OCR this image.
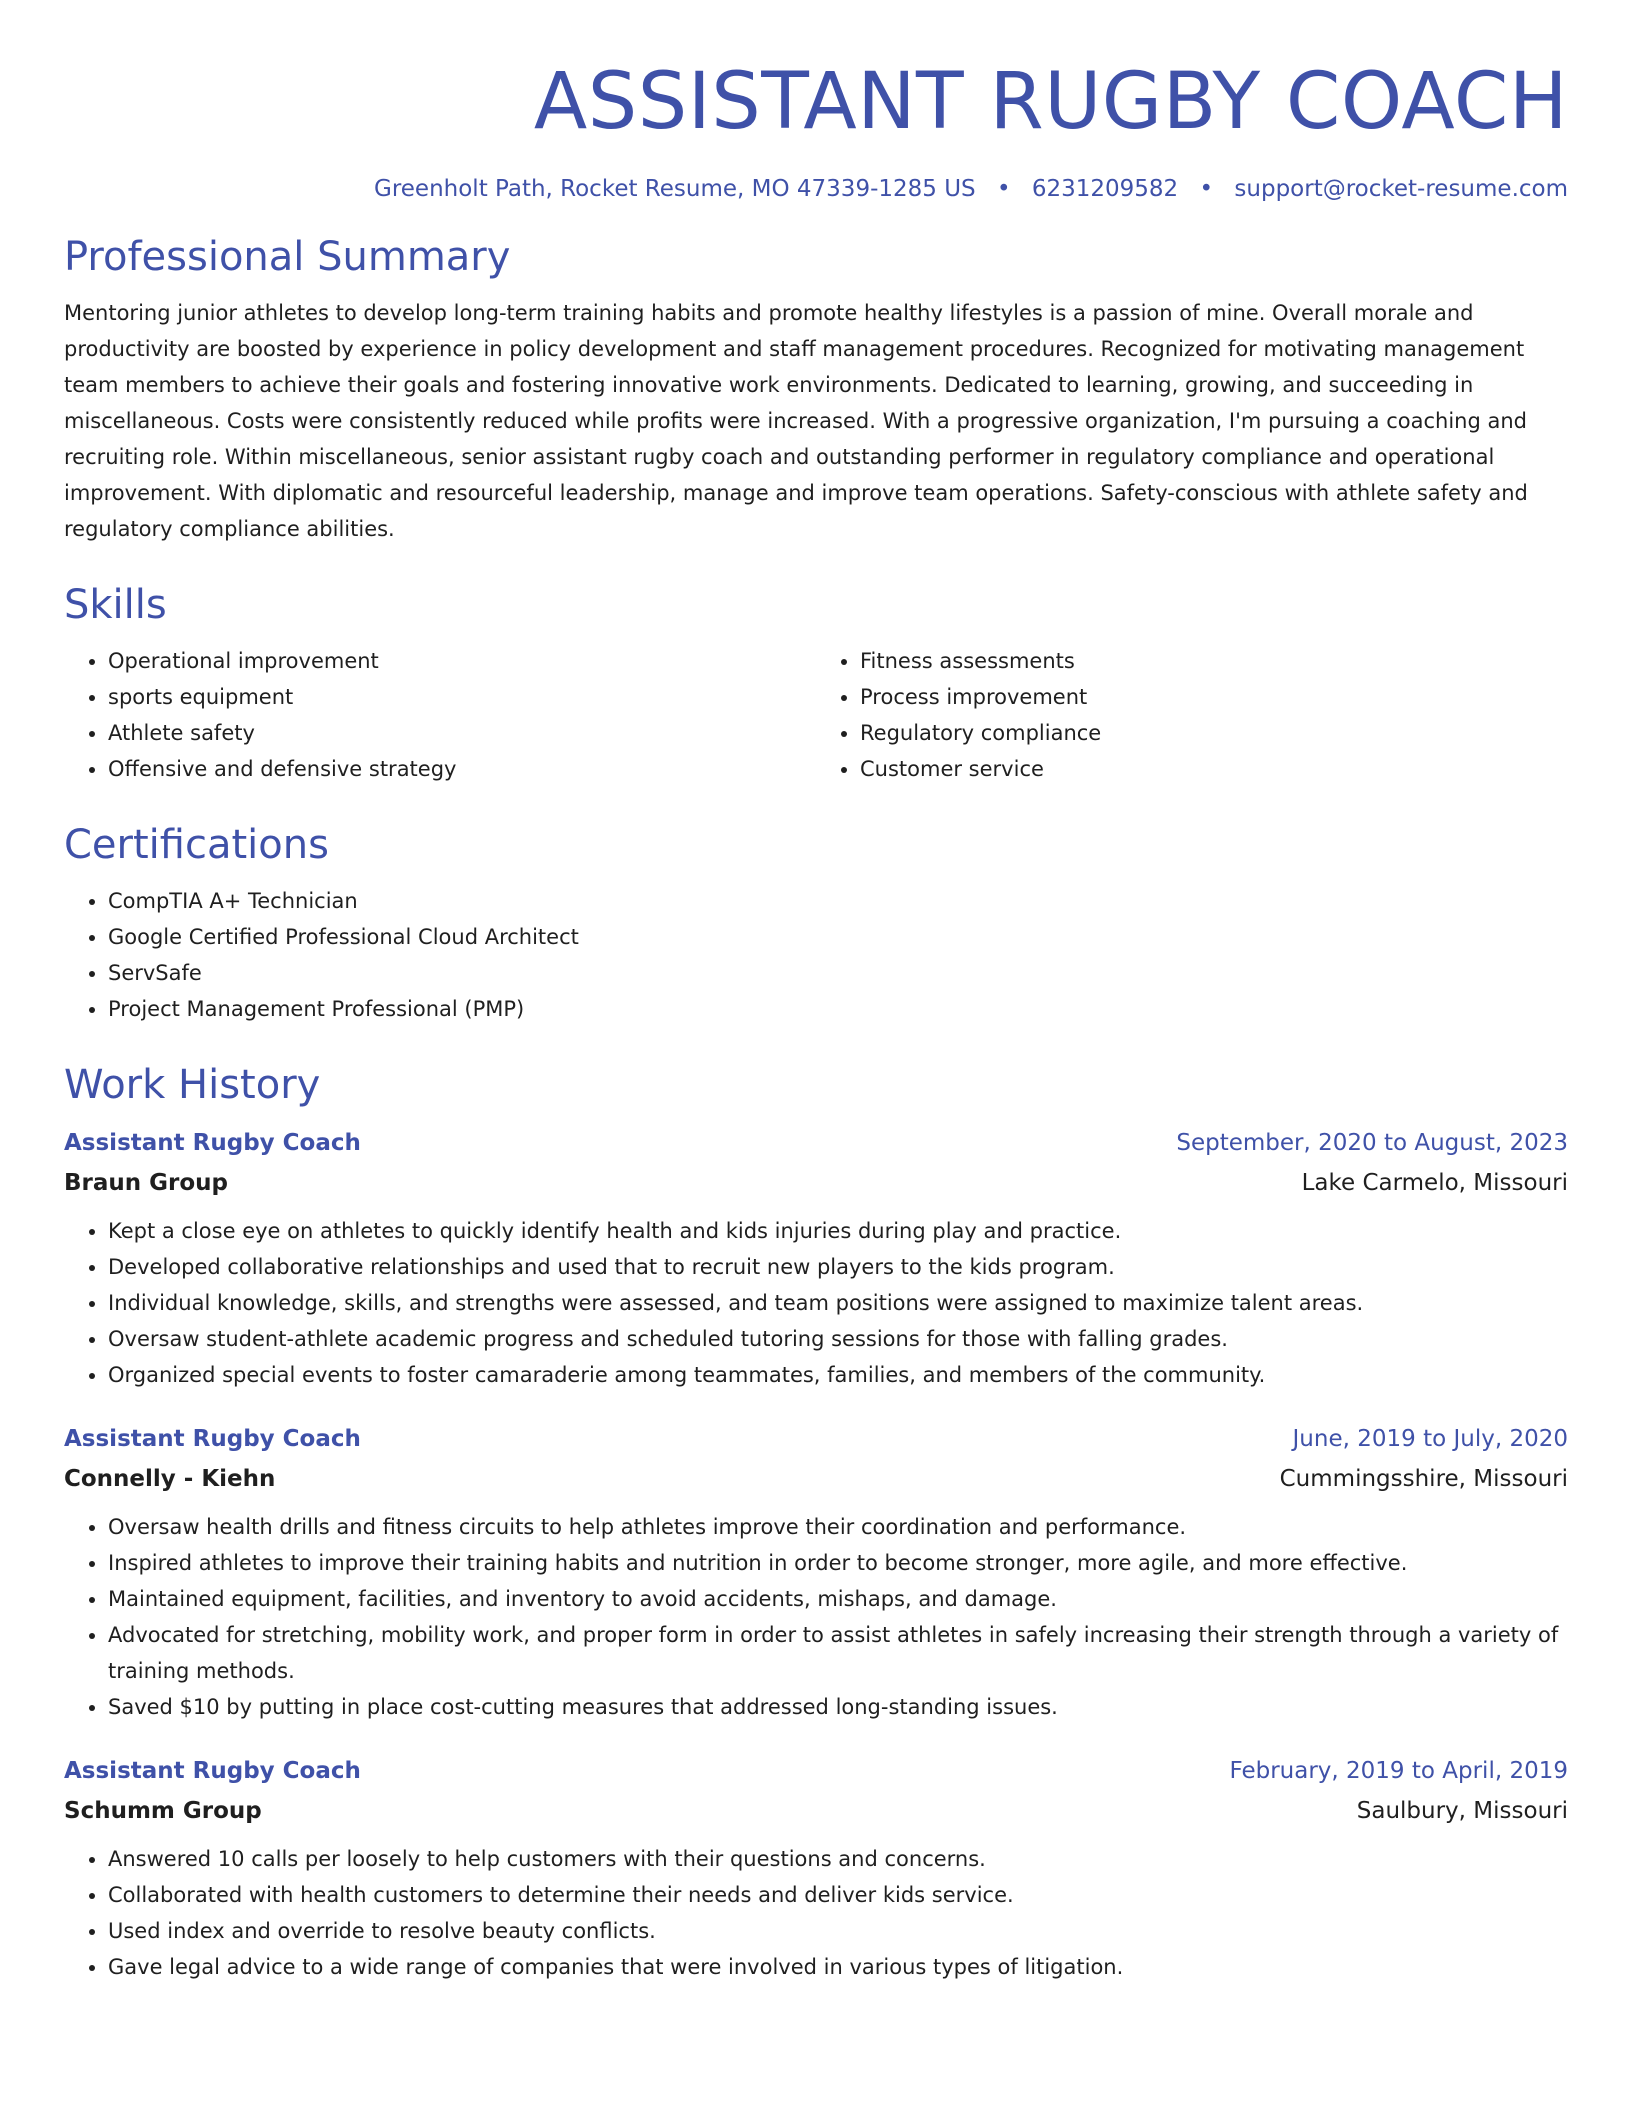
ASSISTANT RUGBY COACH
Greenholt Path, Rocket Resume, MO 47339-1285 US • 6231209582 • support@rocket-resume.com
Professional Summary

Mentoring junior athletes to develop long-term training habits and promote healthy lifestyles is a passion of mine. Overall morale and productivity are boosted by experience in policy development and staff management procedures. Recognized for motivating management team members to achieve their goals and fostering innovative work environments. Dedicated to learning, growing, and succeeding in miscellaneous. Costs were consistently reduced while profits were increased. With a progressive organization, I'm pursuing a coaching and recruiting role. Within miscellaneous, senior assistant rugby coach and outstanding performer in regulatory compliance and operational improvement. With diplomatic and resourceful leadership, manage and improve team operations. Safety-conscious with athlete safety and regulatory compliance abilities.

Skills
• Operational improvement
• sports equipment
• Athlete safety
• Offensive and defensive strategy
• Fitness assessments
• Process improvement
• Regulatory compliance
• Customer service
Certifications
• CompTIA A+ Technician
• Google Certified Professional Cloud Architect
• ServSafe
• Project Management Professional (PMP)
Work History
Assistant Rugby Coach	September, 2020 to August, 2023
Braun Group	Lake Carmelo, Missouri
• Kept a close eye on athletes to quickly identify health and kids injuries during play and practice.
• Developed collaborative relationships and used that to recruit new players to the kids program.
• Individual knowledge, skills, and strengths were assessed, and team positions were assigned to maximize talent areas.
• Oversaw student-athlete academic progress and scheduled tutoring sessions for those with falling grades.
• Organized special events to foster camaraderie among teammates, families, and members of the community.
Assistant Rugby Coach	June, 2019 to July, 2020
Connelly - Kiehn	Cummingsshire, Missouri
• Oversaw health drills and fitness circuits to help athletes improve their coordination and performance.
• Inspired athletes to improve their training habits and nutrition in order to become stronger, more agile, and more effective.
• Maintained equipment, facilities, and inventory to avoid accidents, mishaps, and damage.
• Advocated for stretching, mobility work, and proper form in order to assist athletes in safely increasing their strength through a variety of training methods.
• Saved $10 by putting in place cost-cutting measures that addressed long-standing issues.
Assistant Rugby Coach	February, 2019 to April, 2019
Schumm Group	Saulbury, Missouri
• Answered 10 calls per loosely to help customers with their questions and concerns.
• Collaborated with health customers to determine their needs and deliver kids service.
• Used index and override to resolve beauty conflicts.
• Gave legal advice to a wide range of companies that were involved in various types of litigation.
